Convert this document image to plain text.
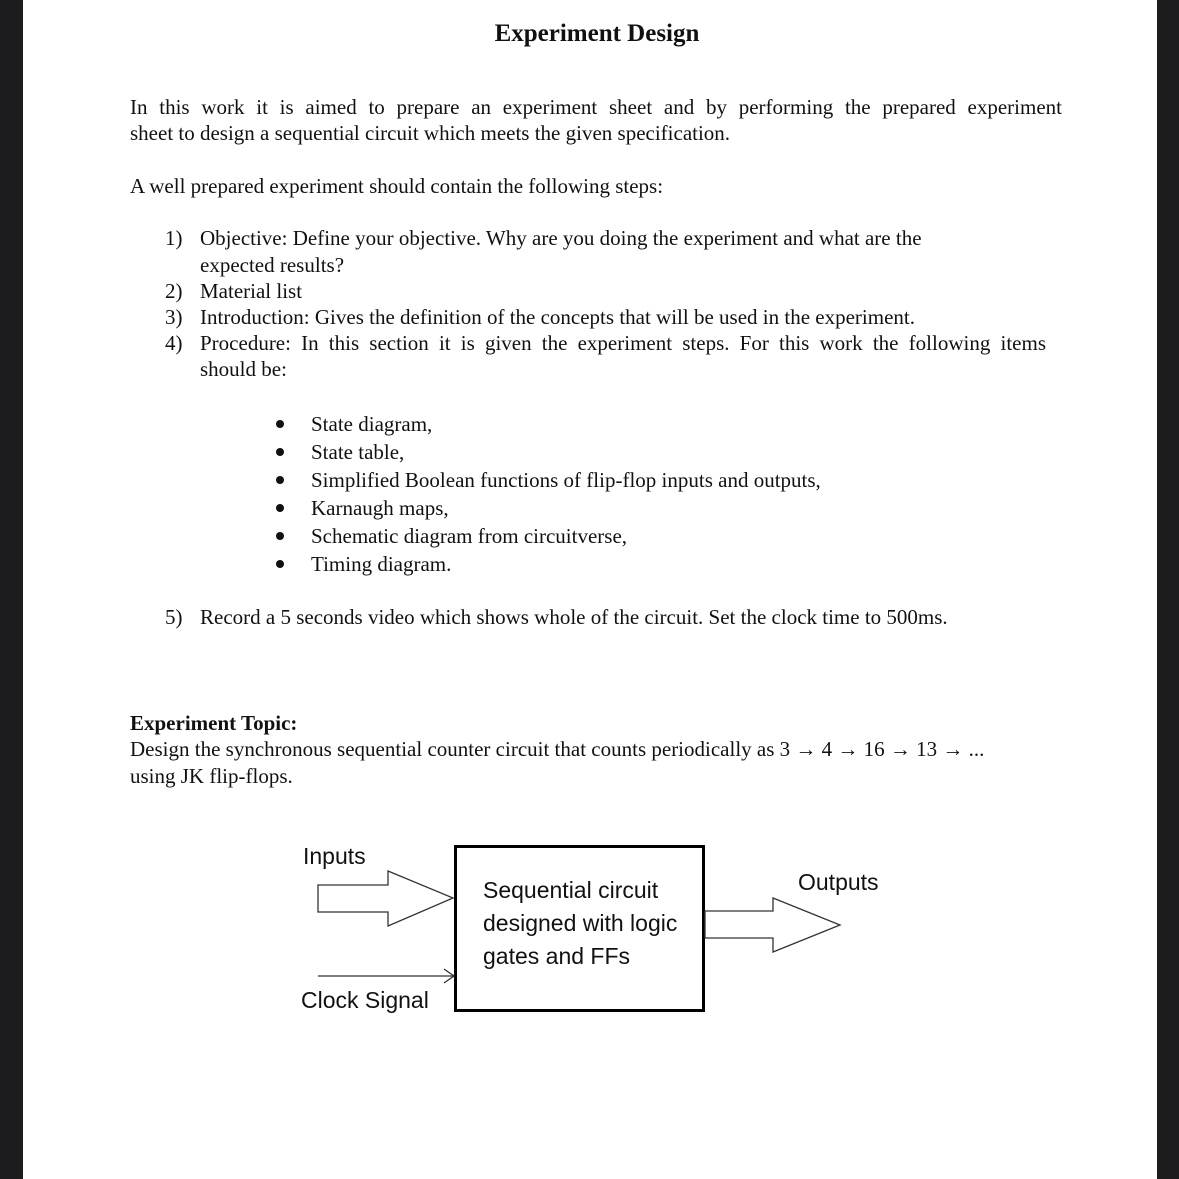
Experiment Design
In this work it is aimed to prepare an experiment sheet and by performing the prepared experiment
sheet to design a sequential circuit which meets the given specification.
A well prepared experiment should contain the following steps:
1) Objective: Define your objective. Why are you doing the experiment and what are the
expected results?
2) Material list
3) Introduction: Gives the definition of the concepts that will be used in the experiment.
4) Procedure: In this section it is given the experiment steps. For this work the following items
should be:
State diagram,
State table,
Simplified Boolean functions of flip-flop inputs and outputs,
Karnaugh maps,
Schematic diagram from circuitverse,
Timing diagram.
5) Record a 5 seconds video which shows whole of the circuit. Set the clock time to 500ms.
Experiment Topic:
Design the synchronous sequential counter circuit that counts periodically as 3 → 4 → 16 → 13 → ...
using JK flip-flops.
Inputs
Clock Signal
Outputs
Sequential circuit
designed with logic
gates and FFs
